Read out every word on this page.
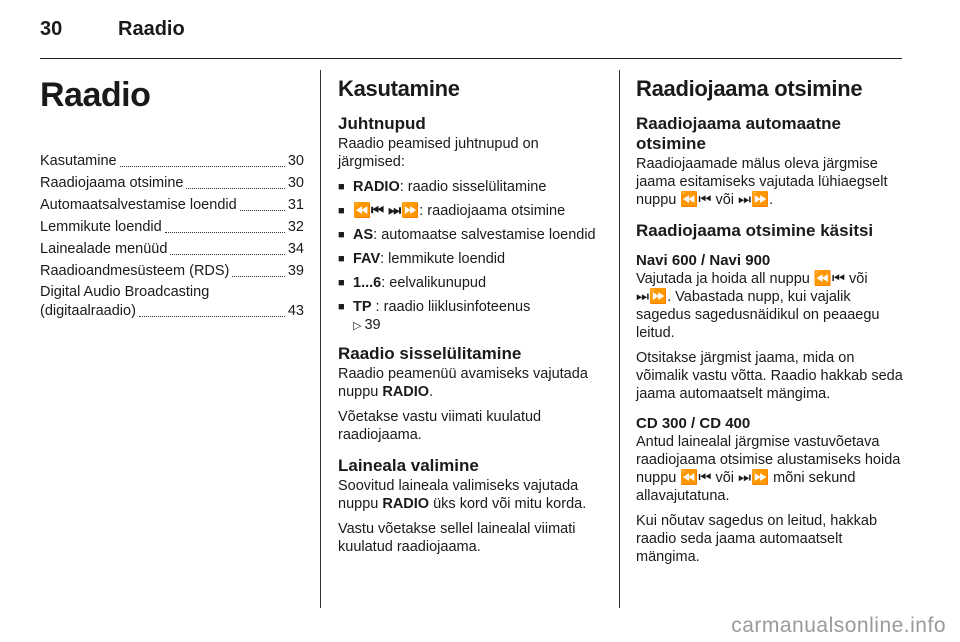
30	Raadio
Raadio
Kasutamine	30
Raadiojaama otsimine	30
Automaatsalvestamise loendid	31
Lemmikute loendid	32
Lainealade menüüd	34
Raadioandmesüsteem (RDS)	39
Digital Audio Broadcasting
(digitaalraadio)	43
Kasutamine
Juhtnupud

Raadio peamised juhtnupud on järgmised:

■ RADIO: raadio sisselülitamine
■ ⏪⏮ ⏭⏩: raadiojaama otsimine
■ AS: automaatse salvestamise loendid
■ FAV: lemmikute loendid
■ 1...6: eelvalikunupud
■ TP : raadio liiklusinfoteenus
▷ 39
Raadio sisselülitamine

Raadio peamenüü avamiseks vajutada nuppu RADIO.

Võetakse vastu viimati kuulatud raadiojaama.

Laineala valimine

Soovitud laineala valimiseks vajutada nuppu RADIO üks kord või mitu korda.

Vastu võetakse sellel lainealal viimati kuulatud raadiojaama.

Raadiojaama otsimine
Raadiojaama automaatne otsimine

Raadiojaamade mälus oleva järgmise jaama esitamiseks vajutada lühiaegselt nuppu ⏪⏮ või ⏭⏩.

Raadiojaama otsimine käsitsi
Navi 600 / Navi 900

Vajutada ja hoida all nuppu ⏪⏮ või ⏭⏩. Vabastada nupp, kui vajalik sagedus sagedusnäidikul on peaaegu leitud.

Otsitakse järgmist jaama, mida on võimalik vastu võtta. Raadio hakkab seda jaama automaatselt mängima.

CD 300 / CD 400

Antud lainealal järgmise vastuvõetava raadiojaama otsimise alustamiseks hoida nuppu ⏪⏮ või ⏭⏩ mõni sekund allavajutatuna.

Kui nõutav sagedus on leitud, hakkab raadio seda jaama automaatselt mängima.

carmanualsonline.info
